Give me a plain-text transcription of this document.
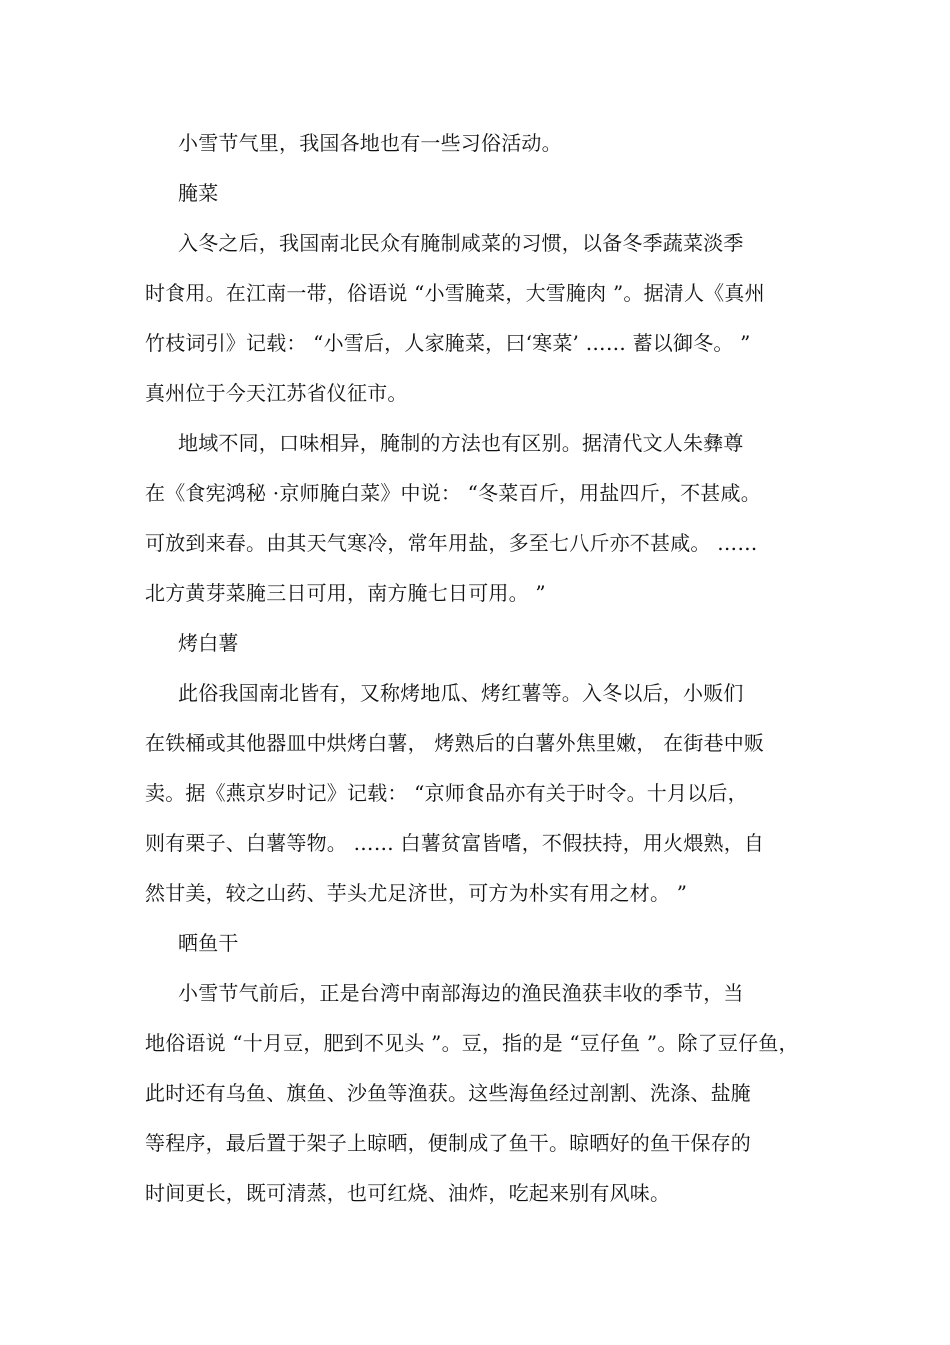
小雪节气里，我国各地也有一些习俗活动。
腌菜
入冬之后，我国南北民众有腌制咸菜的习惯，以备冬季蔬菜淡季
时食用。在江南一带，俗语说 “小雪腌菜，大雪腌肉 ”。据清人《真州
竹枝词引》记载： “小雪后，人家腌菜，曰‘寒菜’ …… 蓄以御冬。 ”
真州位于今天江苏省仪征市。
地域不同，口味相异，腌制的方法也有区别。据清代文人朱彝尊
在《食宪鸿秘 ·京师腌白菜》中说： “冬菜百斤，用盐四斤，不甚咸。
可放到来春。由其天气寒冷，常年用盐，多至七八斤亦不甚咸。 ……
北方黄芽菜腌三日可用，南方腌七日可用。 ”
烤白薯
此俗我国南北皆有，又称烤地瓜、烤红薯等。入冬以后，小贩们
在铁桶或其他器皿中烘烤白薯， 烤熟后的白薯外焦里嫩， 在街巷中贩
卖。据《燕京岁时记》记载： “京师食品亦有关于时令。十月以后，
则有栗子、白薯等物。 …… 白薯贫富皆嗜，不假扶持，用火煨熟，自
然甘美，较之山药、芋头尤足济世，可方为朴实有用之材。 ”
晒鱼干
小雪节气前后，正是台湾中南部海边的渔民渔获丰收的季节，当
地俗语说 “十月豆，肥到不见头 ”。豆，指的是 “豆仔鱼 ”。除了豆仔鱼，
此时还有乌鱼、旗鱼、沙鱼等渔获。这些海鱼经过剖割、洗涤、盐腌
等程序，最后置于架子上晾晒，便制成了鱼干。晾晒好的鱼干保存的
时间更长，既可清蒸，也可红烧、油炸，吃起来别有风味。
